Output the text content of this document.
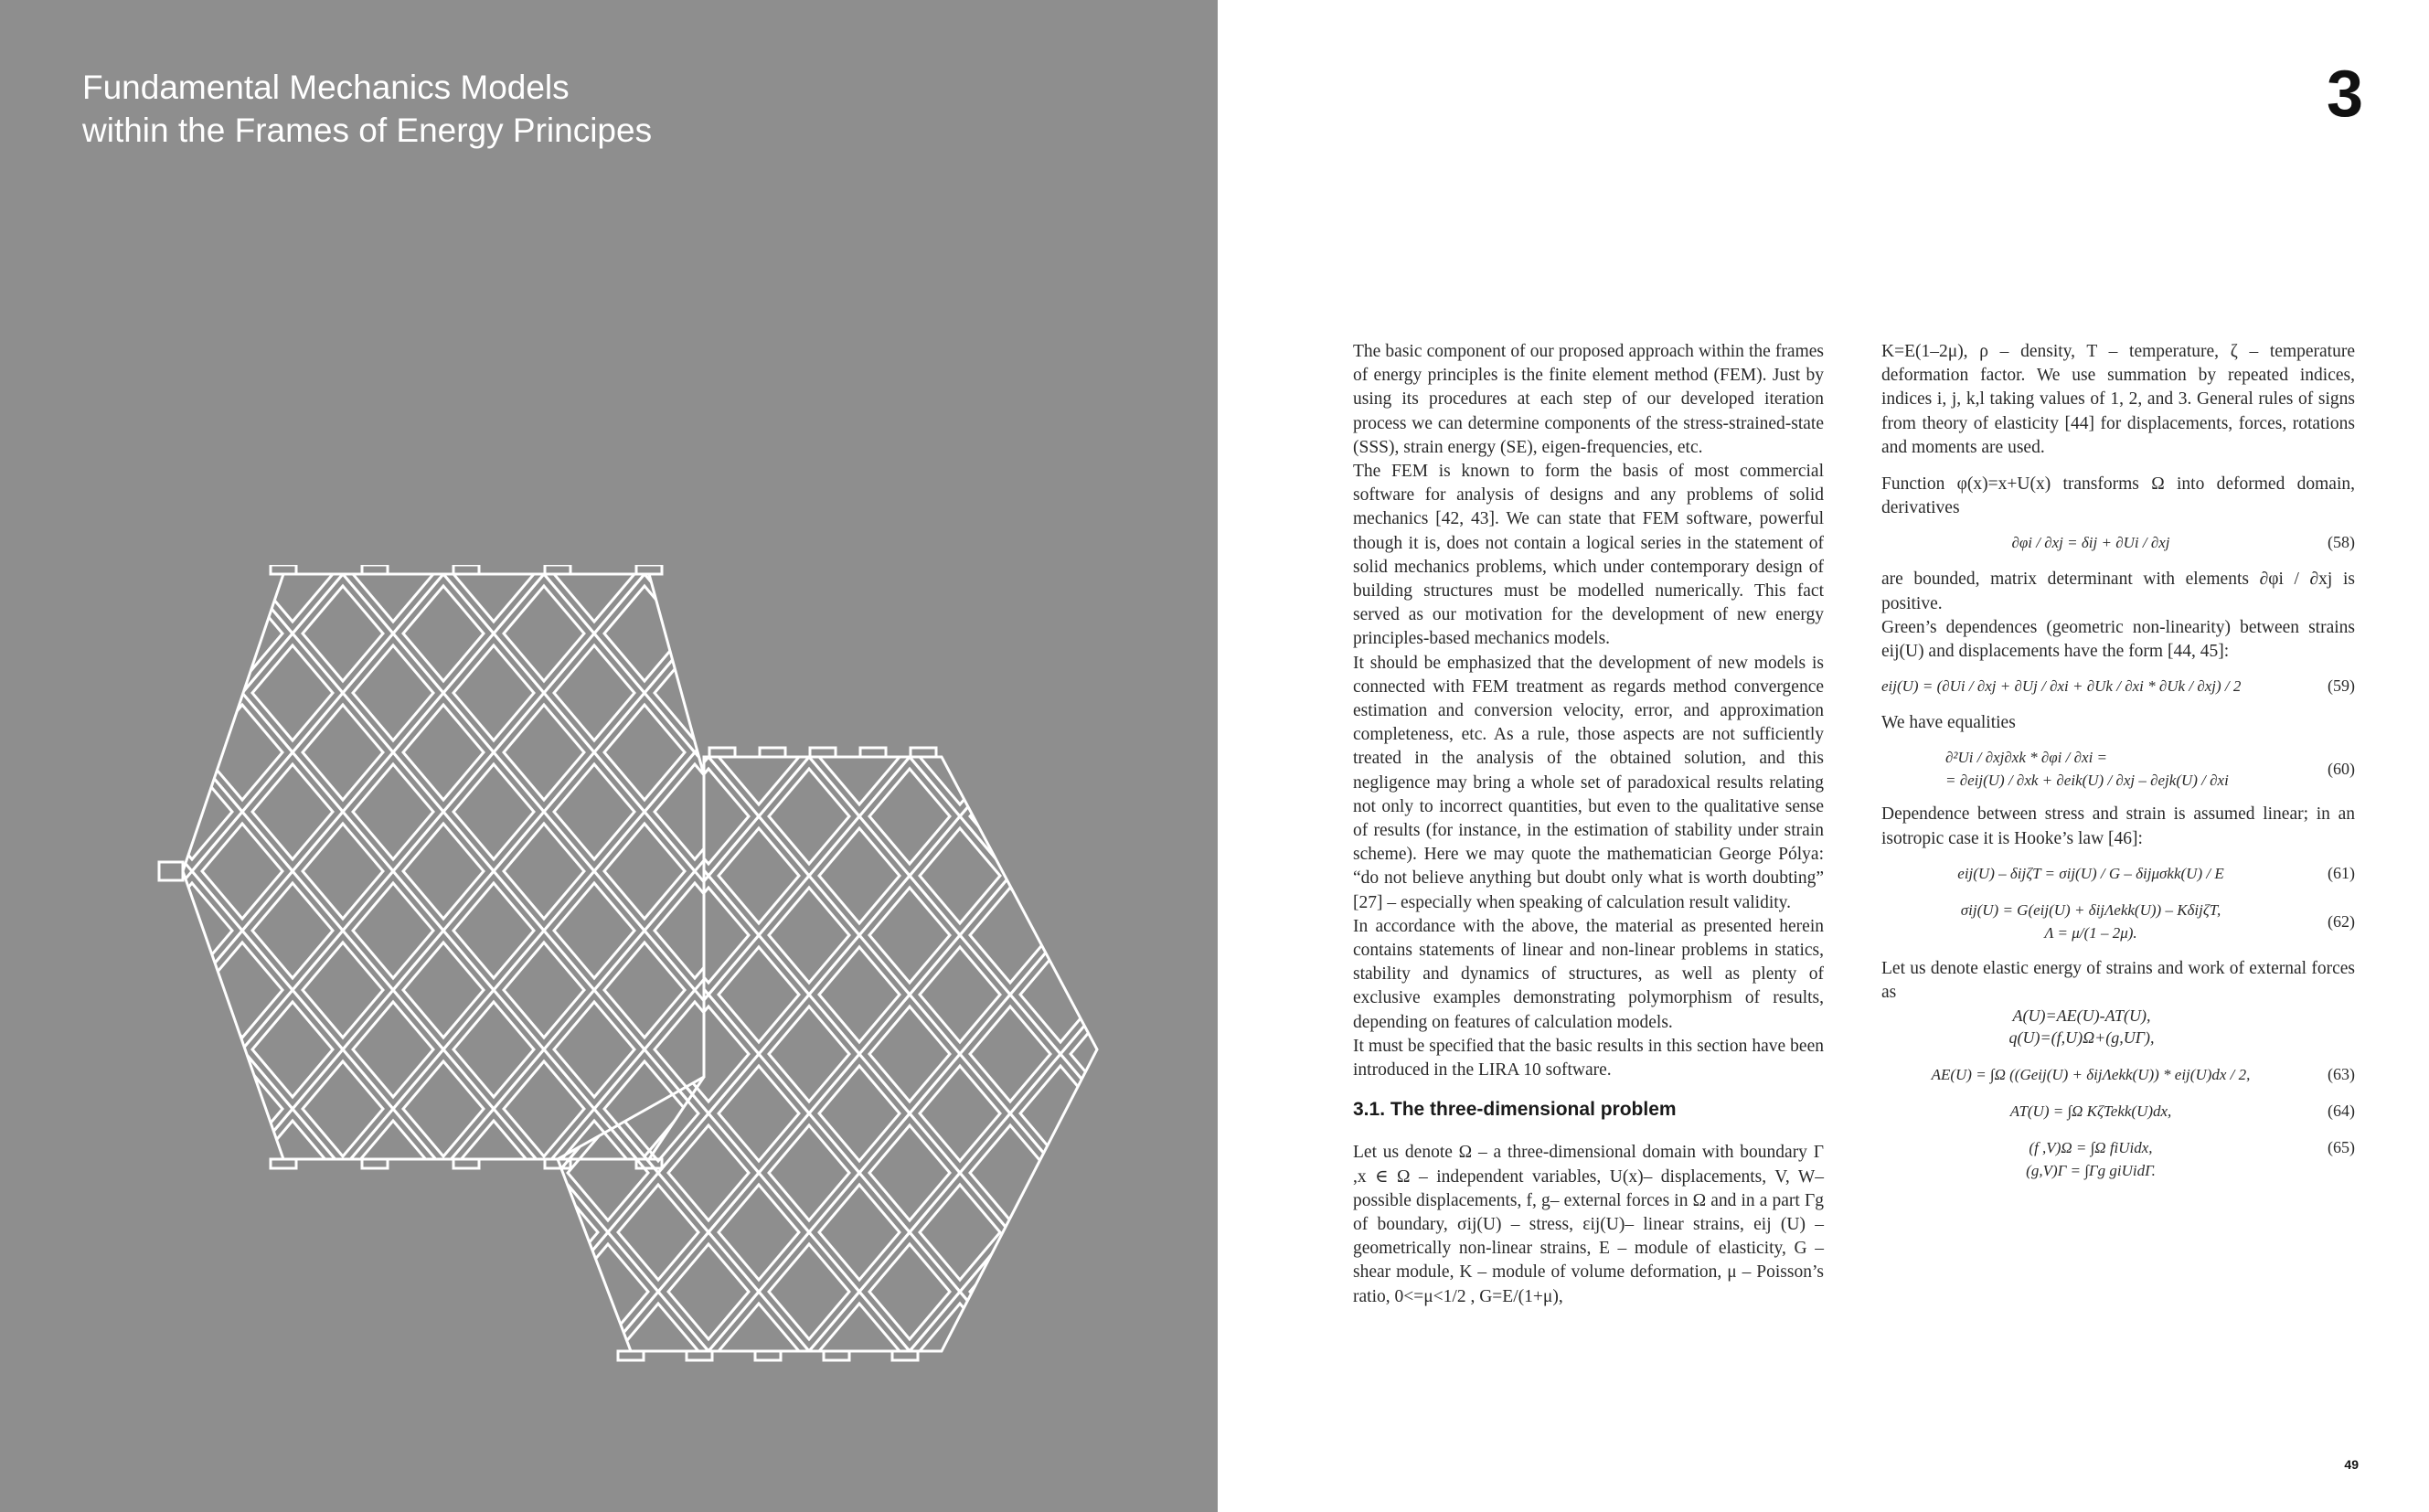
Fundamental Mechanics Models
within the Frames of Energy Principes	3
49

The basic component of our proposed approach within the frames of energy principles is the finite element method (FEM). Just by using its procedures at each step of our developed iteration process we can determine components of the stress-strained-state (SSS), strain energy (SE), eigen-frequencies, etc.

The FEM is known to form the basis of most commercial software for analysis of designs and any problems of solid mechanics [42, 43]. We can state that FEM software, powerful though it is, does not contain a logical series in the statement of solid mechanics problems, which under contemporary design of building structures must be modelled numerically. This fact served as our motivation for the development of new energy principles-based mechanics models.

It should be emphasized that the development of new models is connected with FEM treatment as regards method convergence estimation and conversion velocity, error, and approximation completeness, etc. As a rule, those aspects are not sufficiently treated in the analysis of the obtained solution, and this negligence may bring a whole set of paradoxical results relating not only to incorrect quantities, but even to the qualitative sense of results (for instance, in the estimation of stability under strain scheme). Here we may quote the mathematician George Pólya: “do not believe anything but doubt only what is worth doubting” [27] – especially when speaking of calculation result validity.

In accordance with the above, the material as presented herein contains statements of linear and non-linear problems in statics, stability and dynamics of structures, as well as plenty of exclusive examples demonstrating polymorphism of results, depending on features of calculation models.

It must be specified that the basic results in this section have been introduced in the LIRA 10 software.

3.1. The three-dimensional problem

Let us denote Ω – a three-dimensional domain with boundary Γ ,x ∈ Ω – independent variables, U(x)– displacements, V, W– possible displacements, f, g– external forces in Ω and in a part Γg of boundary, σij(U) – stress, εij(U)– linear strains, eij (U) – geometrically non-linear strains, E – module of elasticity, G – shear module, K – module of volume deformation, μ – Poisson’s ratio, 0<=μ<1/2 , G=E/(1+μ),

K=E(1–2μ), ρ – density, T – temperature, ζ – temperature deformation factor. We use summation by repeated indices, indices i, j, k,l taking values of 1, 2, and 3. General rules of signs from theory of elasticity [44] for displacements, forces, rotations and moments are used.

Function φ(x)=x+U(x) transforms Ω into deformed domain, derivatives

∂φi / ∂xj = δij + ∂Ui / ∂xj	(58)

are bounded, matrix determinant with elements ∂φi / ∂xj is positive.

Green’s dependences (geometric non-linearity) between strains eij(U) and displacements have the form [44, 45]:

eij(U) = (∂Ui / ∂xj + ∂Uj / ∂xi + ∂Uk / ∂xi * ∂Uk / ∂xj) / 2	(59)

We have equalities

∂²Ui / ∂xj∂xk * ∂φi / ∂xi =
= ∂eij(U) / ∂xk + ∂eik(U) / ∂xj – ∂ejk(U) / ∂xi
(60)

Dependence between stress and strain is assumed linear; in an isotropic case it is Hooke’s law [46]:

eij(U) – δijζT = σij(U) / G – δijμσkk(U) / E	(61)
σij(U) = G(eij(U) + δijΛekk(U)) – KδijζT,
Λ = μ/(1 – 2μ).
(62)

Let us denote elastic energy of strains and work of external forces as

A(U)=AE(U)-AT(U),
q(U)=(f,U)Ω+(g,UΓ),
AE(U) = ∫Ω ((Geij(U) + δijΛekk(U)) * eij(U)dx / 2,	(63)
AT(U) = ∫Ω KζTekk(U)dx,	(64)
(f ,V)Ω = ∫Ω fiUidx,
(g,V)Γ = ∫Γg giUidΓ.
(65)
